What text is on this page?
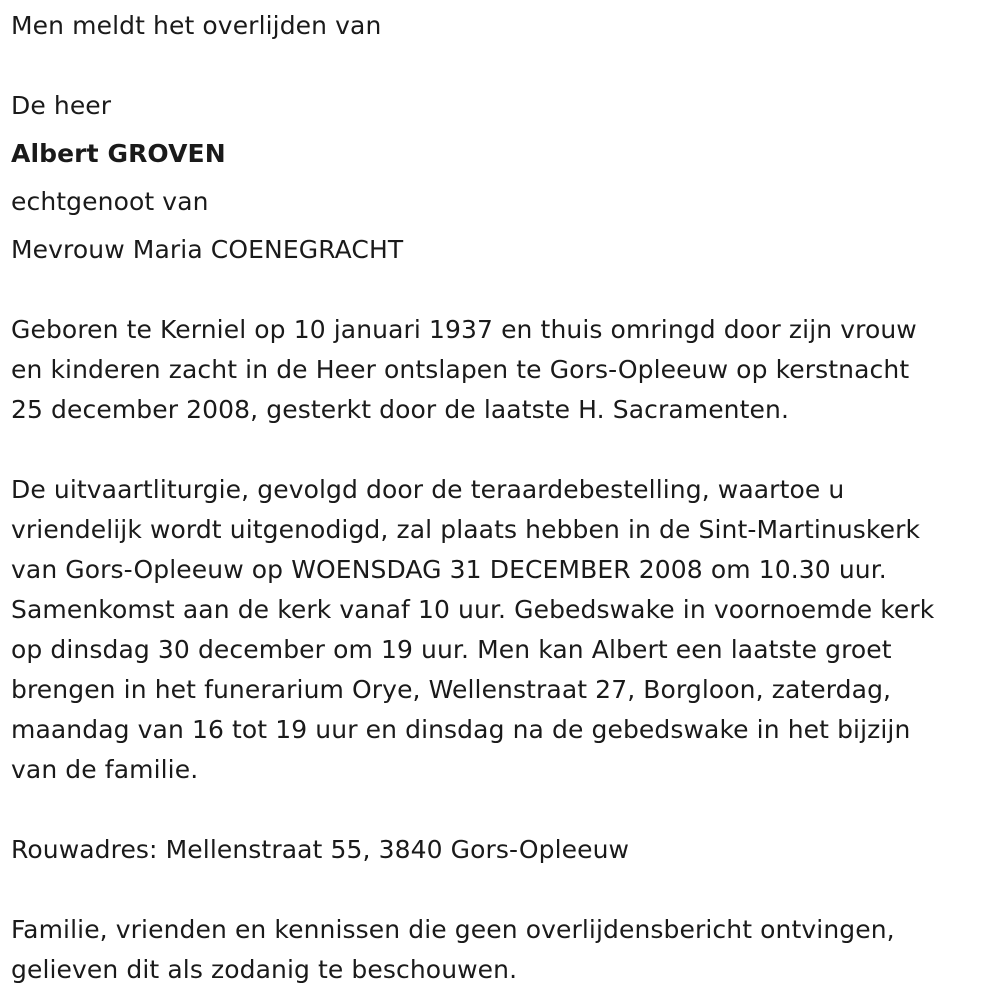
Men meldt het overlijden van
De heer
Albert GROVEN
echtgenoot van
Mevrouw Maria COENEGRACHT
Geboren te Kerniel op 10 januari 1937 en thuis omringd door zijn vrouw
en kinderen zacht in de Heer ontslapen te Gors-Opleeuw op kerstnacht
25 december 2008, gesterkt door de laatste H. Sacramenten.
De uitvaartliturgie, gevolgd door de teraardebestelling, waartoe u
vriendelijk wordt uitgenodigd, zal plaats hebben in de Sint-Martinuskerk
van Gors-Opleeuw op WOENSDAG 31 DECEMBER 2008 om 10.30 uur.
Samenkomst aan de kerk vanaf 10 uur. Gebedswake in voornoemde kerk
op dinsdag 30 december om 19 uur. Men kan Albert een laatste groet
brengen in het funerarium Orye, Wellenstraat 27, Borgloon, zaterdag,
maandag van 16 tot 19 uur en dinsdag na de gebedswake in het bijzijn
van de familie.
Rouwadres: Mellenstraat 55, 3840 Gors-Opleeuw
Familie, vrienden en kennissen die geen overlijdensbericht ontvingen,
gelieven dit als zodanig te beschouwen.
